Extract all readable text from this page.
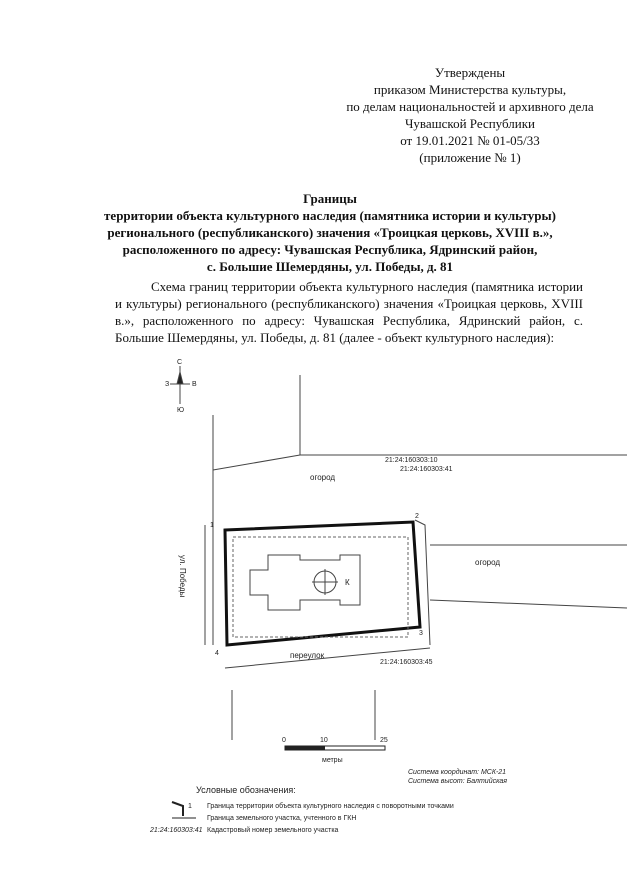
Утверждены
приказом Министерства культуры,
по делам национальностей и архивного дела
Чувашской Республики
от 19.01.2021 № 01-05/33
(приложение № 1)
Границы
территории объекта культурного наследия (памятника истории и культуры)
регионального (республиканского) значения «Троицкая церковь, XVIII в.»,
расположенного по адресу: Чувашская Республика, Ядринский район,
с. Большие Шемердяны, ул. Победы, д. 81
Схема границ территории объекта культурного наследия (памятника истории и культуры) регионального (республиканского) значения «Троицкая церковь, XVIII в.», расположенного по адресу: Чувашская Республика, Ядринский район, с. Большие Шемердяны, ул. Победы, д. 81 (далее - объект культурного наследия):
С
Ю
З	В
21:24:160303:10
21:24:160303:41
огород
огород
ул. Победы
переулок
21:24:160303:45
1
2
3
4
К
0	10	25
метры
Система координат: МСК-21
Система высот: Балтийская
Условные обозначения:
1 Граница территории объекта культурного наследия с поворотными точками
Граница земельного участка, учтенного в ГКН
21:24:160303:41 Кадастровый номер земельного участка
